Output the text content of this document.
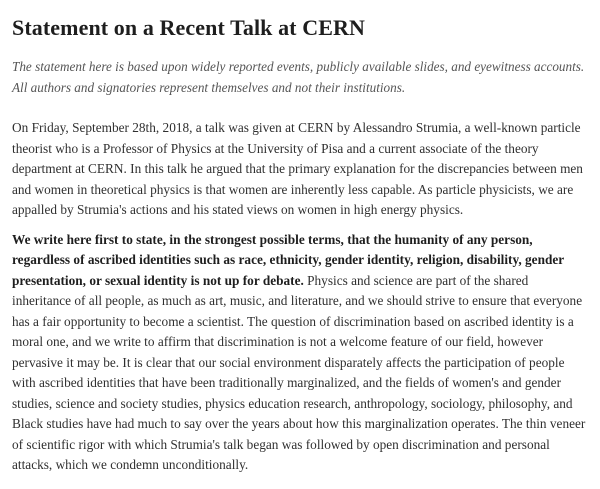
Statement on a Recent Talk at CERN

The statement here is based upon widely reported events, publicly available slides, and eyewitness accounts. All authors and signatories represent themselves and not their institutions.

On Friday, September 28th, 2018, a talk was given at CERN by Alessandro Strumia, a well-known particle theorist who is a Professor of Physics at the University of Pisa and a current associate of the theory department at CERN. In this talk he argued that the primary explanation for the discrepancies between men and women in theoretical physics is that women are inherently less capable. As particle physicists, we are appalled by Strumia's actions and his stated views on women in high energy physics.

We write here first to state, in the strongest possible terms, that the humanity of any person, regardless of ascribed identities such as race, ethnicity, gender identity, religion, disability, gender presentation, or sexual identity is not up for debate. Physics and science are part of the shared inheritance of all people, as much as art, music, and literature, and we should strive to ensure that everyone has a fair opportunity to become a scientist. The question of discrimination based on ascribed identity is a moral one, and we write to affirm that discrimination is not a welcome feature of our field, however pervasive it may be. It is clear that our social environment disparately affects the participation of people with ascribed identities that have been traditionally marginalized, and the fields of women's and gender studies, science and society studies, physics education research, anthropology, sociology, philosophy, and Black studies have had much to say over the years about how this marginalization operates. The thin veneer of scientific rigor with which Strumia's talk began was followed by open discrimination and personal attacks, which we condemn unconditionally.
